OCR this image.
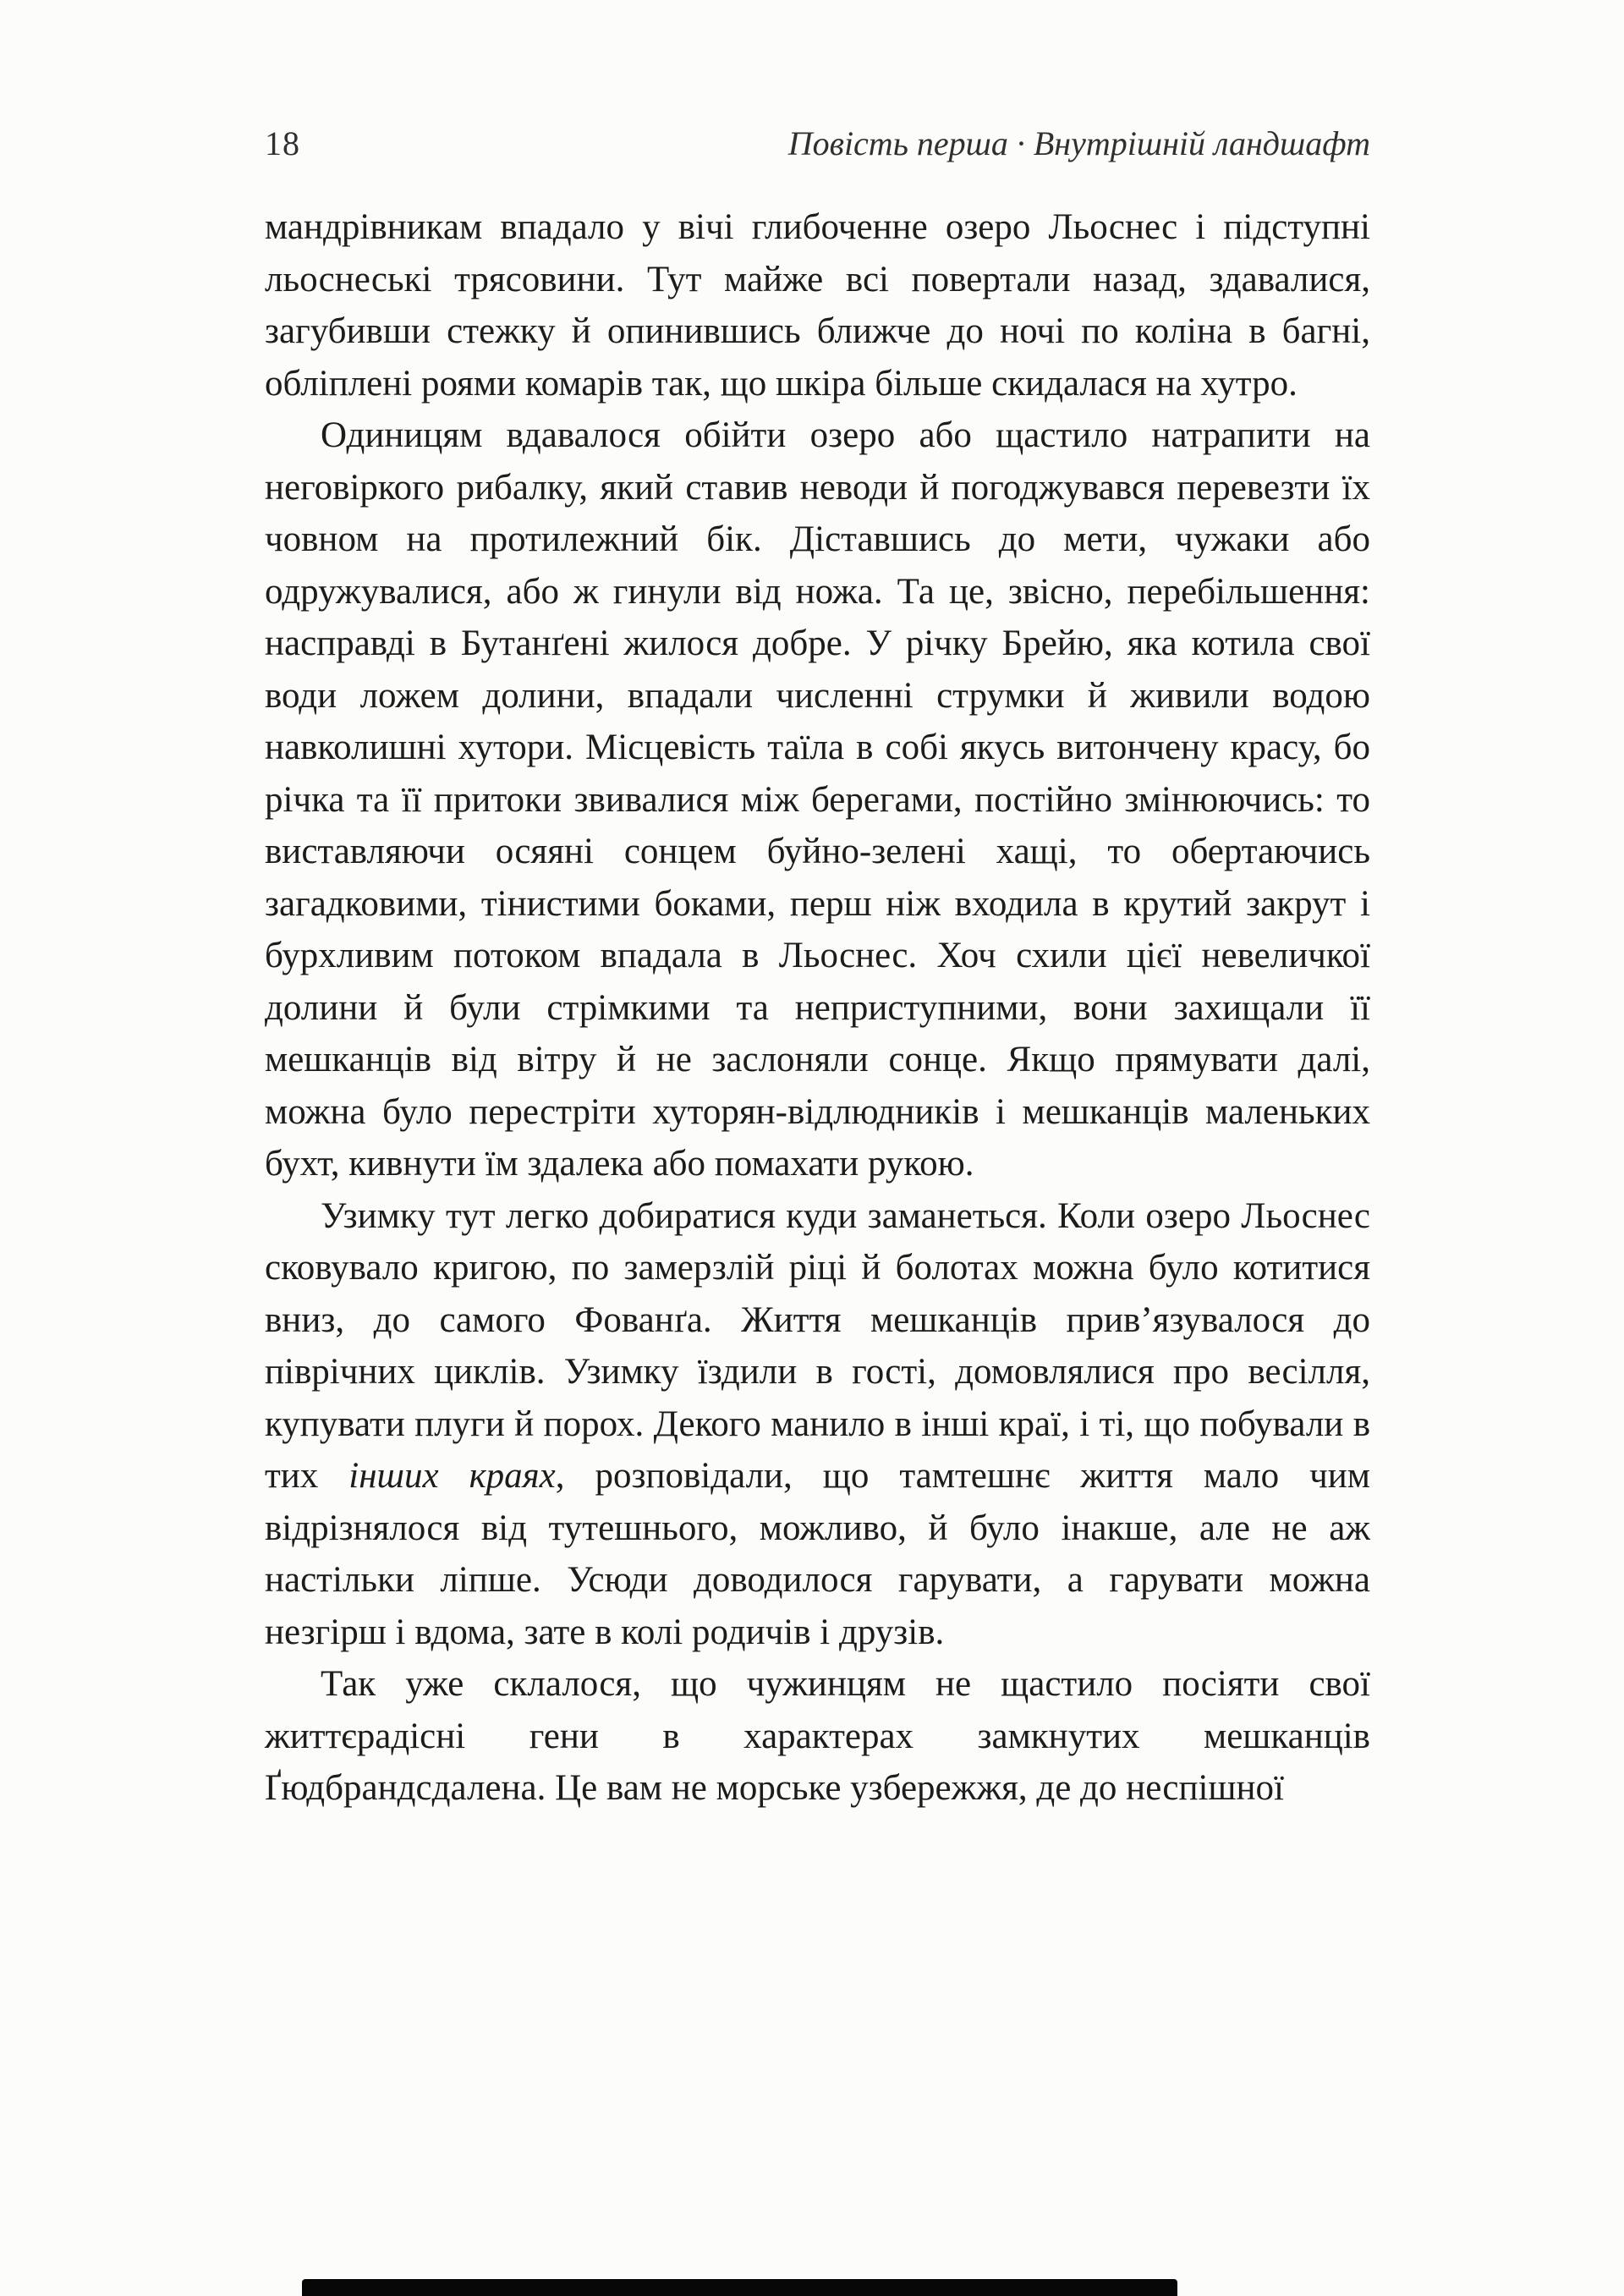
18	Повість перша · Внутрішній ландшафт

мандрівникам впадало у вічі глибоченне озеро Льоснес і підступні льоснеські трясовини. Тут майже всі повертали назад, здавалися, загубивши стежку й опинившись ближче до ночі по коліна в багні, обліплені роями комарів так, що шкіра більше скидалася на хутро.

Одиницям вдавалося обійти озеро або щастило натрапити на неговіркого рибалку, який ставив неводи й погоджувався перевезти їх човном на протилежний бік. Діставшись до мети, чужаки або одружувалися, або ж гинули від ножа. Та це, звісно, перебільшення: насправді в Бутанґені жилося добре. У річку Брейю, яка котила свої води ложем долини, впадали численні струмки й живили водою навколишні хутори. Місцевість таїла в собі якусь витончену красу, бо річка та її притоки звивалися між берегами, постійно змінюючись: то виставляючи осяяні сонцем буйно-зелені хащі, то обертаючись загадковими, тінистими боками, перш ніж входила в крутий закрут і бурхливим потоком впадала в Льоснес. Хоч схили цієї невеличкої долини й були стрімкими та неприступними, вони захищали її мешканців від вітру й не заслоняли сонце. Якщо прямувати далі, можна було перестріти хуторян-відлюдників і мешканців маленьких бухт, кивнути їм здалека або помахати рукою.

Узимку тут легко добиратися куди заманеться. Коли озеро Льоснес сковувало кригою, по замерзлій ріці й болотах можна було котитися вниз, до самого Фованґа. Життя мешканців прив’язувалося до піврічних циклів. Узимку їздили в гості, домовлялися про весілля, купувати плуги й порох. Декого манило в інші краї, і ті, що побували в тих інших краях, розповідали, що тамтешнє життя мало чим відрізнялося від тутешнього, можливо, й було інакше, але не аж настільки ліпше. Усюди доводилося гарувати, а гарувати можна незгірш і вдома, зате в колі родичів і друзів.

Так уже склалося, що чужинцям не щастило посіяти свої життєрадісні гени в характерах замкнутих мешканців Ґюдбрандсдалена. Це вам не морське узбережжя, де до неспішної
